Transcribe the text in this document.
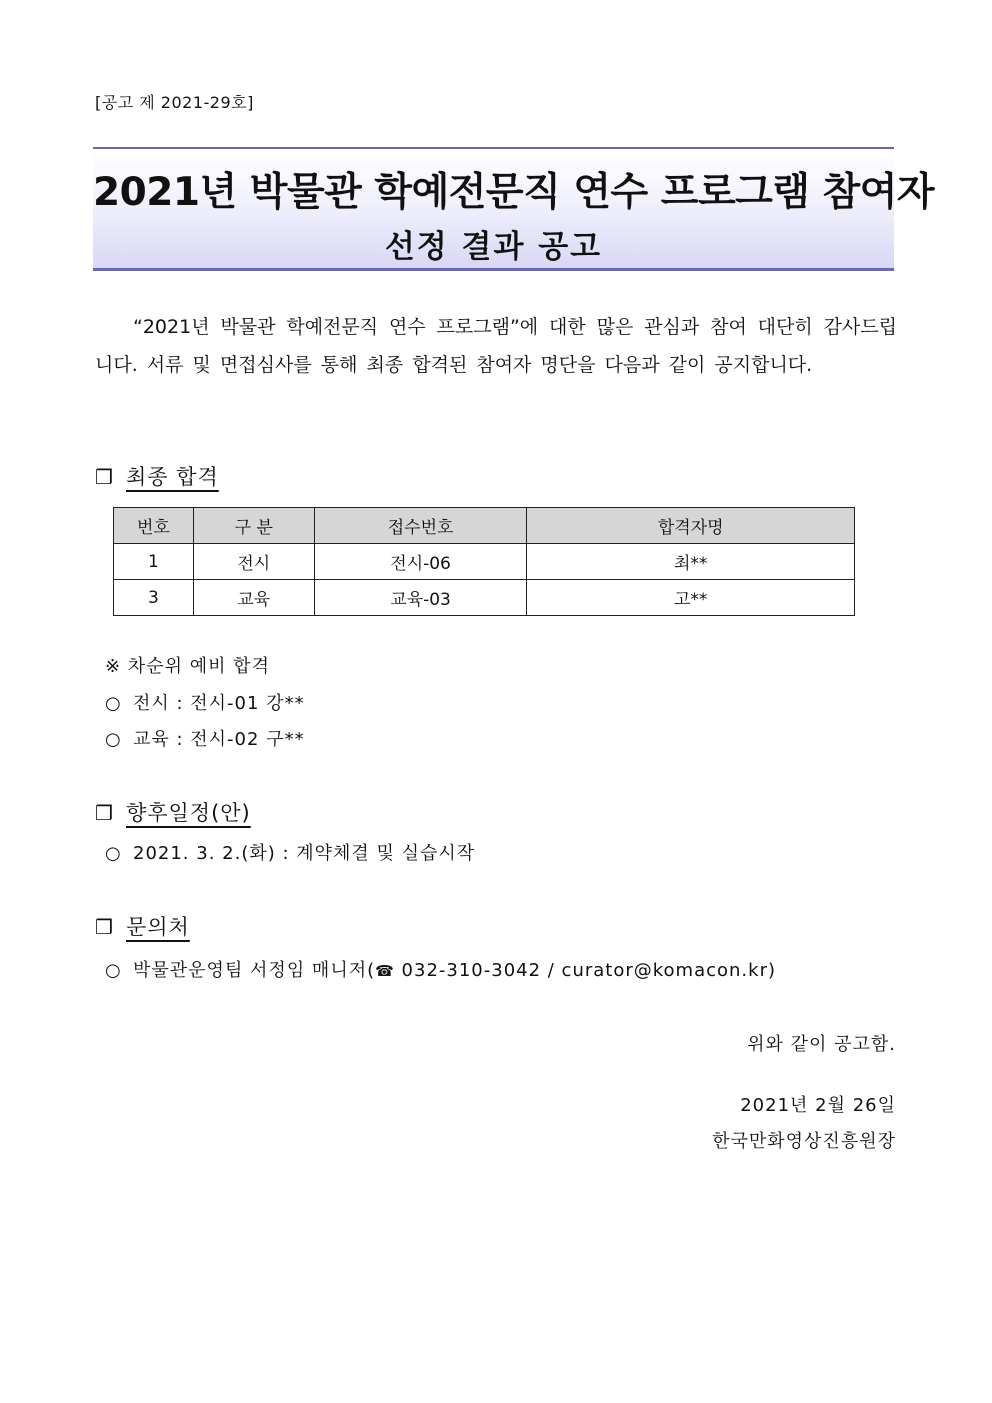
[공고 제 2021-29호]
2021년 박물관 학예전문직 연수 프로그램 참여자
선정 결과 공고
“2021년 박물관 학예전문직 연수 프로그램”에 대한 많은 관심과 참여 대단히 감사드립니다. 서류 및 면접심사를 통해 최종 합격된 참여자 명단을 다음과 같이 공지합니다.
❒ 최종 합격
번호	구 분	접수번호	합격자명
1	전시	전시-06	최**
3	교육	교육-03	고**
※ 차순위 예비 합격
○ 전시 : 전시-01 강**
○ 교육 : 전시-02 구**
❒ 향후일정(안)
○ 2021. 3. 2.(화) : 계약체결 및 실습시작
❒ 문의처
○ 박물관운영팀 서정임 매니저(☎ 032-310-3042 / curator@komacon.kr)
위와 같이 공고함.
2021년 2월 26일
한국만화영상진흥원장
